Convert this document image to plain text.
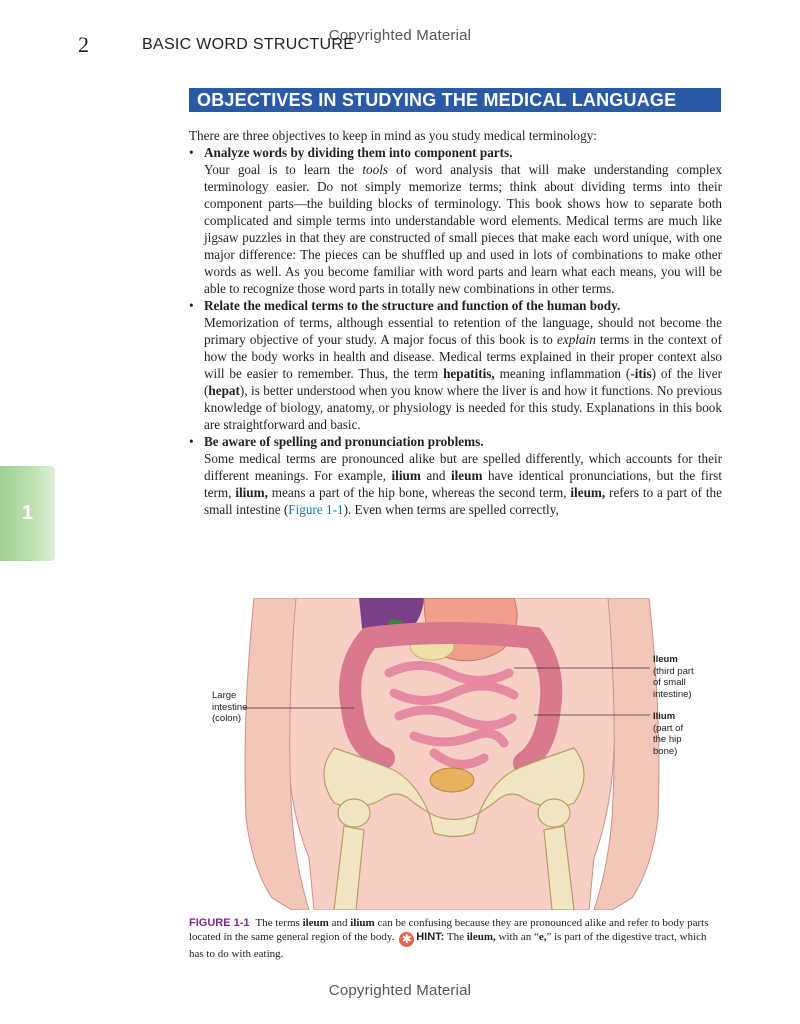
Copyrighted Material
2	BASIC WORD STRUCTURE
OBJECTIVES IN STUDYING THE MEDICAL LANGUAGE

There are three objectives to keep in mind as you study medical terminology:

• Analyze words by dividing them into component parts.

Your goal is to learn the tools of word analysis that will make understanding complex terminology easier. Do not simply memorize terms; think about dividing terms into their component parts—the building blocks of terminology. This book shows how to separate both complicated and simple terms into understandable word elements. Medical terms are much like jigsaw puzzles in that they are constructed of small pieces that make each word unique, with one major difference: The pieces can be shuffled up and used in lots of combinations to make other words as well. As you become familiar with word parts and learn what each means, you will be able to recognize those word parts in totally new combinations in other terms.

• Relate the medical terms to the structure and function of the human body.

Memorization of terms, although essential to retention of the language, should not become the primary objective of your study. A major focus of this book is to explain terms in the context of how the body works in health and disease. Medical terms explained in their proper context also will be easier to remember. Thus, the term hepatitis, meaning inflammation (-itis) of the liver (hepat), is better understood when you know where the liver is and how it functions. No previous knowledge of biology, anatomy, or physiology is needed for this study. Explanations in this book are straightforward and basic.

• Be aware of spelling and pronunciation problems.

Some medical terms are pronounced alike but are spelled differently, which accounts for their different meanings. For example, ilium and ileum have identical pronunciations, but the first term, ilium, means a part of the hip bone, whereas the second term, ileum, refers to a part of the small intestine (Figure 1-1). Even when terms are spelled correctly,

1
Large
intestine
(colon)
Ileum
(third part
of small
intestine)
Ilium
(part of
the hip
bone)
FIGURE 1-1 The terms ileum and ilium can be confusing because they are pronounced alike and refer to body parts located in the same general region of the body. ✱ HINT: The ileum, with an “e,” is part of the digestive tract, which has to do with eating.
Copyrighted Material
